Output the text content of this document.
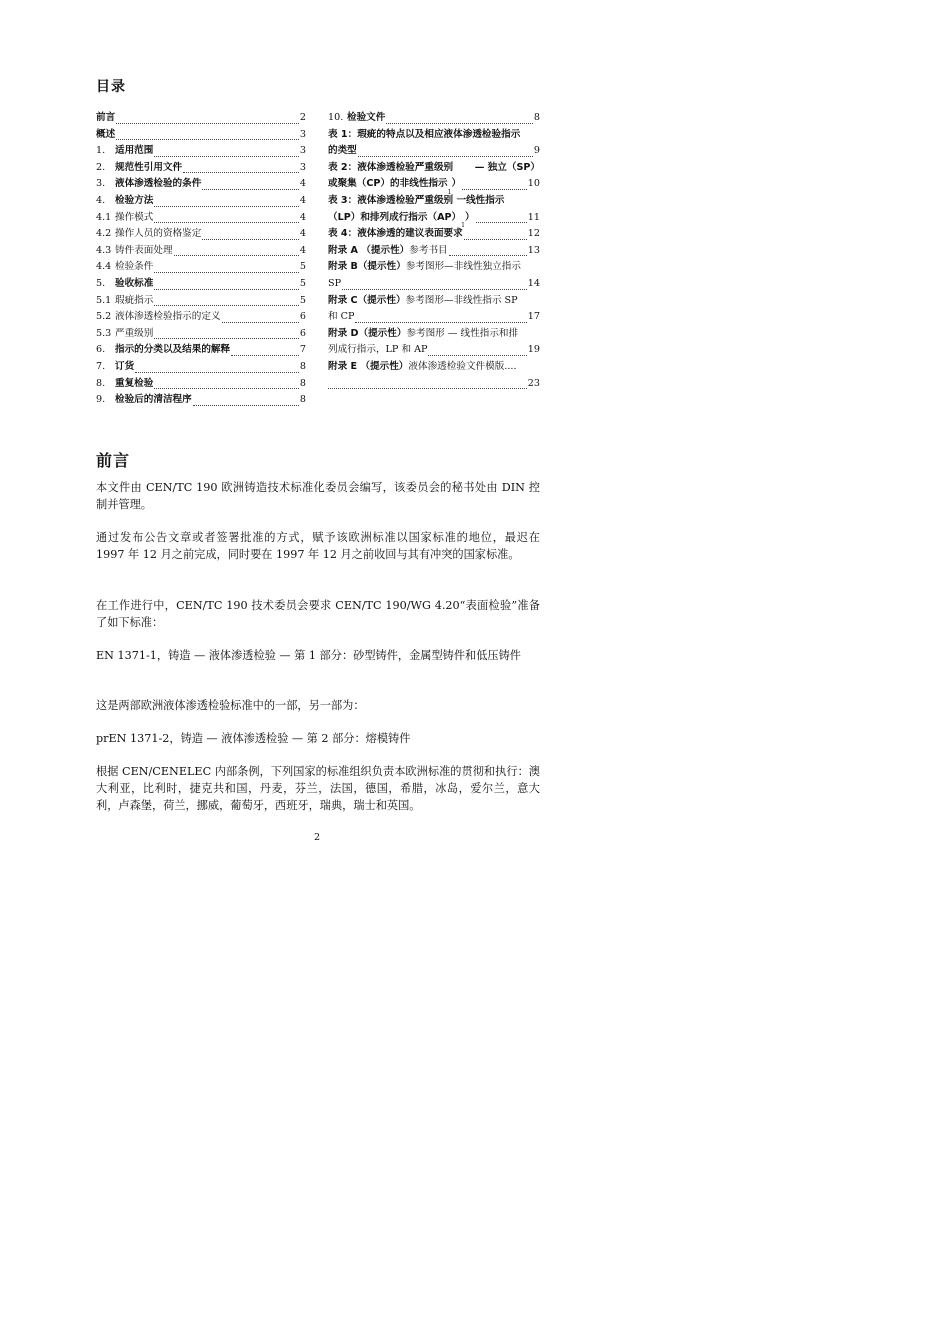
目录
前言	2
概述	3
1.	适用范围	3
2.	规范性引用文件	3
3.	液体渗透检验的条件	4
4.	检验方法	4
4.1 操作模式	4
4.2 操作人员的资格鉴定	4
4.3 铸件表面处理	4
4.4 检验条件	5
5.	验收标准	5
5.1 瑕疵指示	5
5.2 液体渗透检验指示的定义	6
5.3 严重级别	6
6.	指示的分类以及结果的解释	7
7.	订货	8
8.	重复检验	8
9.	检验后的清洁程序	8
10. 检验文件	8
表 1：瑕疵的特点以及相应液体渗透检验指示
的类型	9
表 2：液体渗透检验严重级别 — 独立（SP）
或聚集（CP）的非线性指示
1
）	10
表 3：液体渗透检验严重级别 一线性指示
（LP）和排列成行指示（AP）
1
）	11
表 4：液体渗透的建议表面要求	12
附录 A （提示性） 参考书目	13
附录 B（提示性） 参考图形—非线性独立指示
SP	14
附录 C（提示性） 参考图形—非线性指示 SP
和 CP	17
附录 D（提示性） 参考图形 — 线性指示和排
列成行指示，LP 和 AP	19
附录 E （提示性） 液体渗透检验文件模版....
23
前言

本文件由 CEN/TC 190 欧洲铸造技术标准化委员会编写，该委员会的秘书处由 DIN 控制并管理。

通过发布公告文章或者签署批准的方式，赋予该欧洲标准以国家标准的地位，最迟在 1997 年 12 月之前完成，同时要在 1997 年 12 月之前收回与其有冲突的国家标准。

在工作进行中，CEN/TC 190 技术委员会要求 CEN/TC 190/WG 4.20“表面检验”准备了如下标准：

EN 1371-1，铸造 — 液体渗透检验 — 第 1 部分：砂型铸件，金属型铸件和低压铸件

这是两部欧洲液体渗透检验标准中的一部，另一部为：

prEN 1371-2，铸造 — 液体渗透检验 — 第 2 部分：熔模铸件

根据 CEN/CENELEC 内部条例，下列国家的标准组织负责本欧洲标准的贯彻和执行：澳大利亚，比利时，捷克共和国，丹麦，芬兰，法国，德国，希腊，冰岛，爱尔兰，意大利，卢森堡，荷兰，挪威，葡萄牙，西班牙，瑞典，瑞士和英国。

2
